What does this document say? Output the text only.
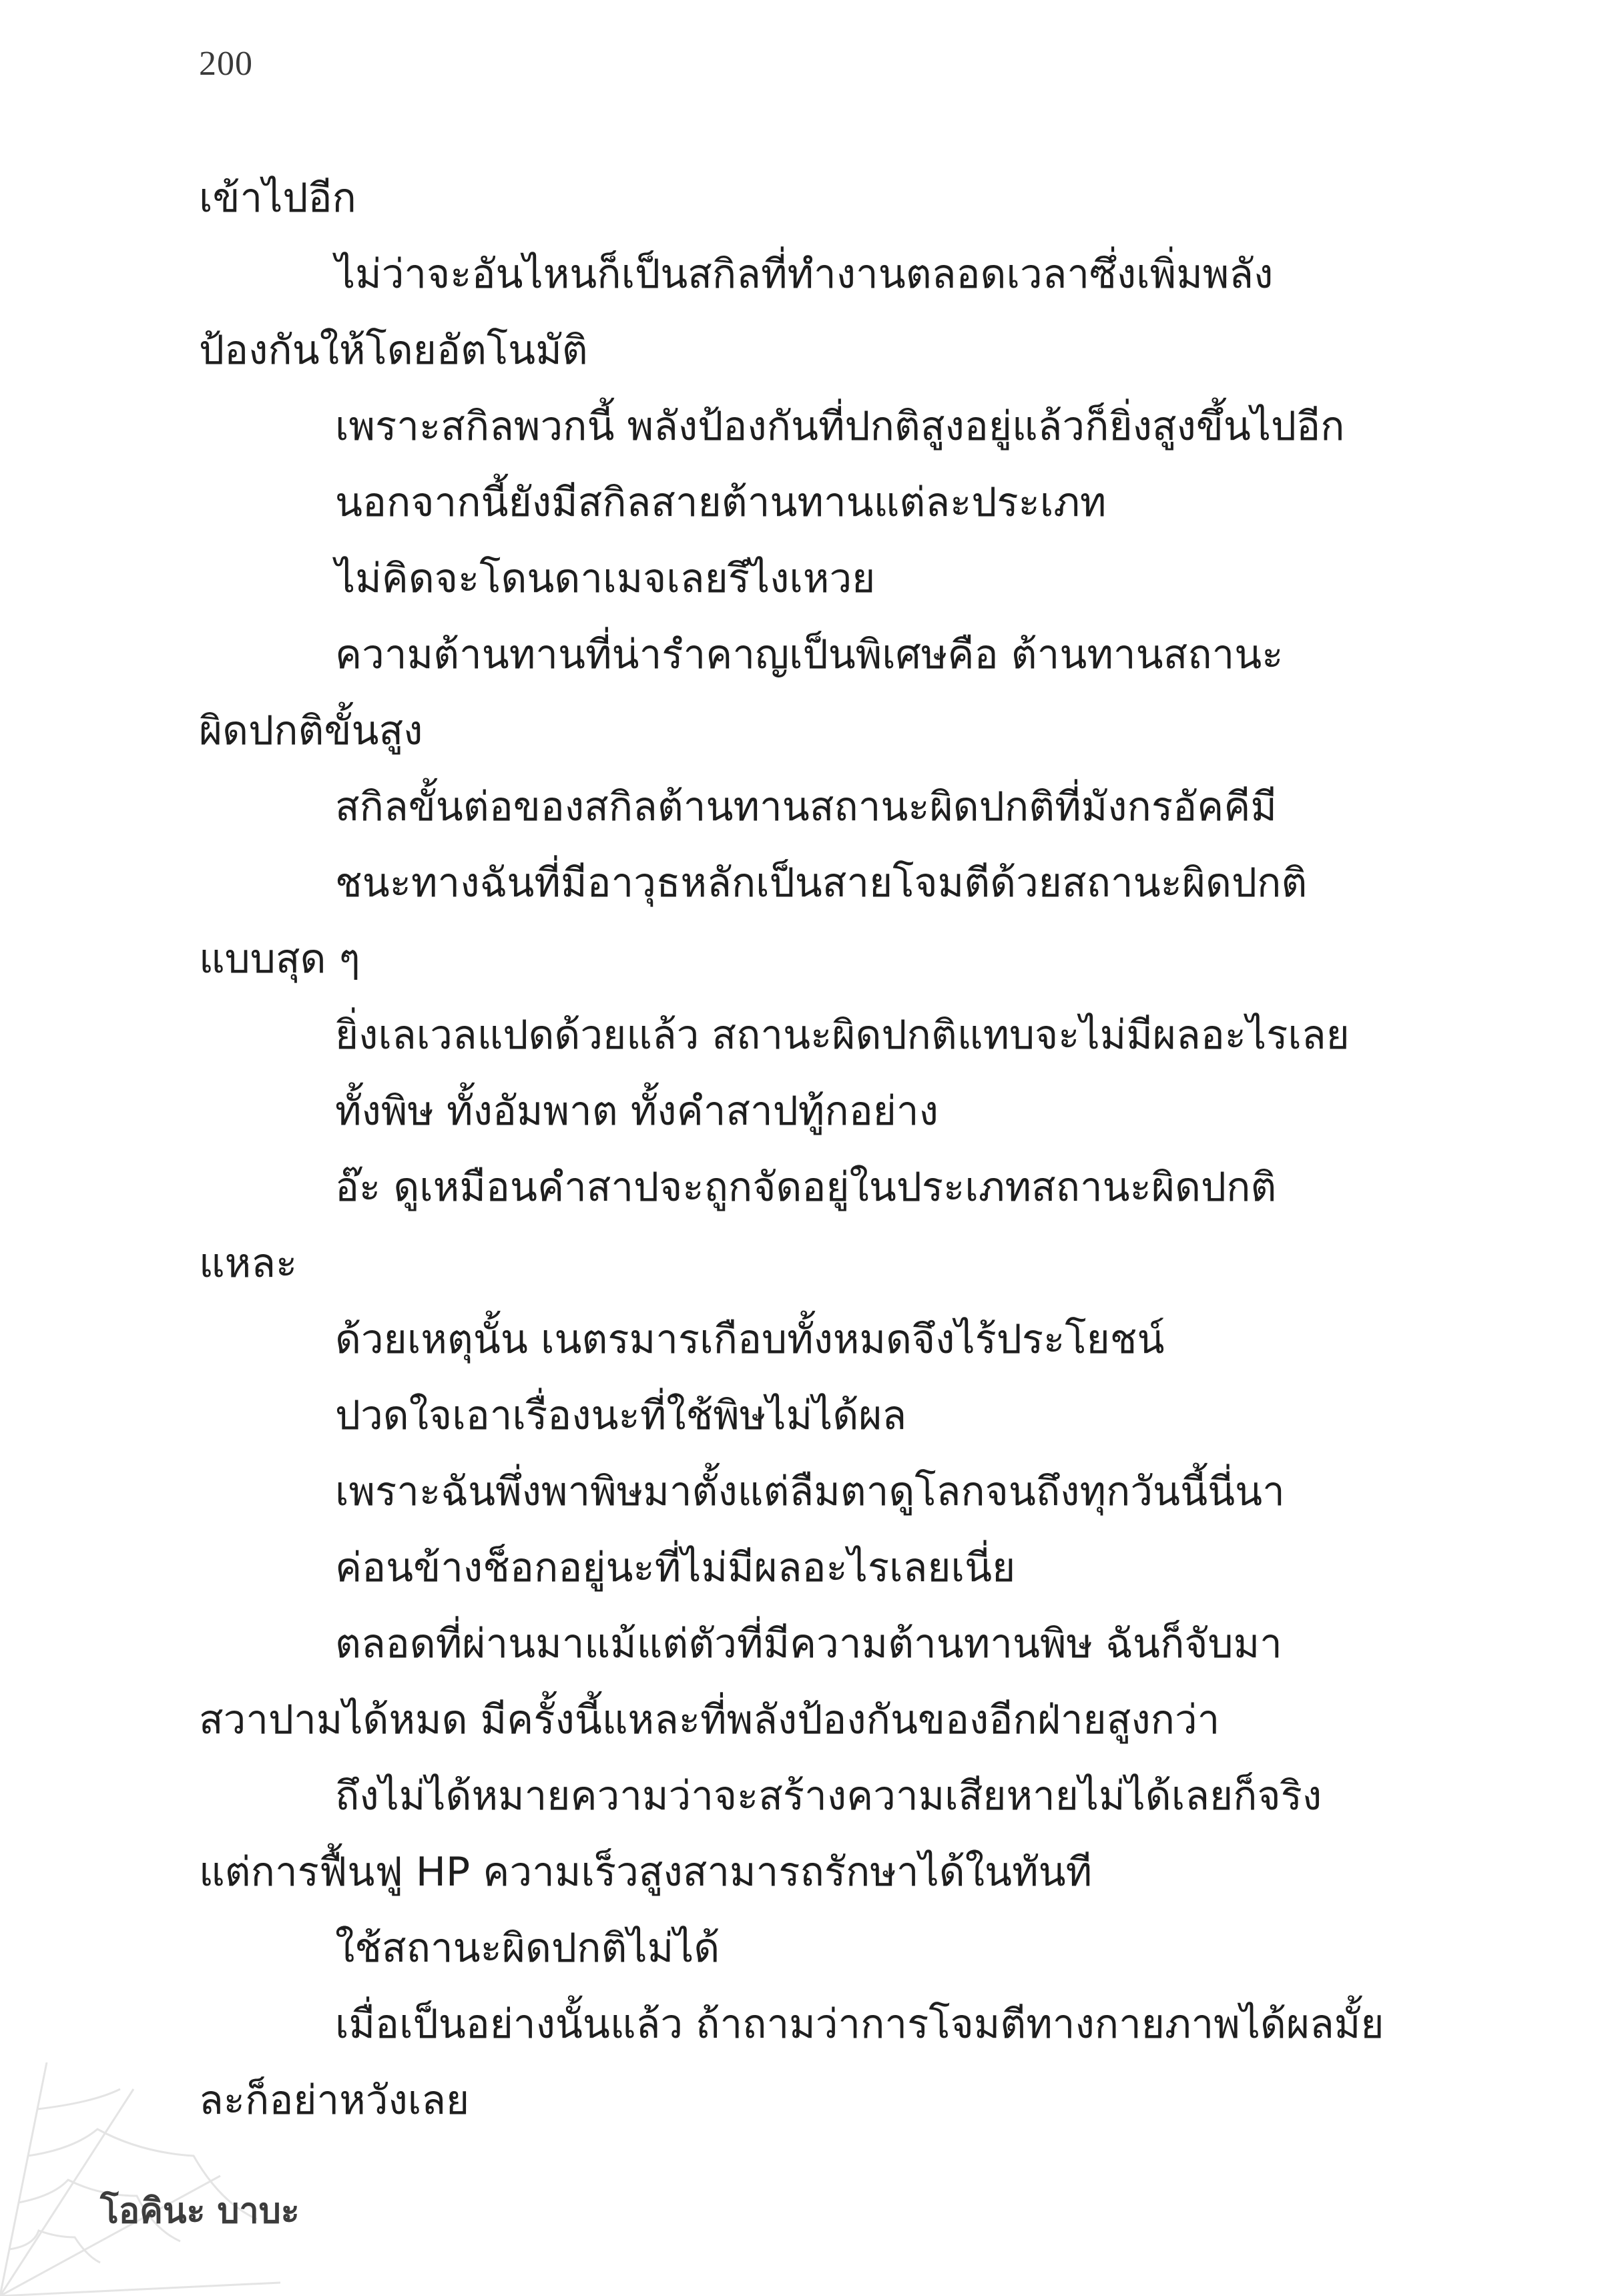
200
เข้าไปอีก
ไม่ว่าจะอันไหนก็เป็นสกิลที่ทำงานตลอดเวลาซึ่งเพิ่มพลัง
ป้องกันให้โดยอัตโนมัติ
เพราะสกิลพวกนี้ พลังป้องกันที่ปกติสูงอยู่แล้วก็ยิ่งสูงขึ้นไปอีก
นอกจากนี้ยังมีสกิลสายต้านทานแต่ละประเภท
ไม่คิดจะโดนดาเมจเลยรึไงเหวย
ความต้านทานที่น่ารำคาญเป็นพิเศษคือ ต้านทานสถานะ
ผิดปกติขั้นสูง
สกิลขั้นต่อของสกิลต้านทานสถานะผิดปกติที่มังกรอัคคีมี
ชนะทางฉันที่มีอาวุธหลักเป็นสายโจมตีด้วยสถานะผิดปกติ
แบบสุด ๆ
ยิ่งเลเวลแปดด้วยแล้ว สถานะผิดปกติแทบจะไม่มีผลอะไรเลย
ทั้งพิษ ทั้งอัมพาต ทั้งคำสาปทู้กอย่าง
อ๊ะ ดูเหมือนคำสาปจะถูกจัดอยู่ในประเภทสถานะผิดปกติ
แหละ
ด้วยเหตุนั้น เนตรมารเกือบทั้งหมดจึงไร้ประโยชน์
ปวดใจเอาเรื่องนะที่ใช้พิษไม่ได้ผล
เพราะฉันพึ่งพาพิษมาตั้งแต่ลืมตาดูโลกจนถึงทุกวันนี้นี่นา
ค่อนข้างช็อกอยู่นะที่ไม่มีผลอะไรเลยเนี่ย
ตลอดที่ผ่านมาแม้แต่ตัวที่มีความต้านทานพิษ ฉันก็จับมา
สวาปามได้หมด มีครั้งนี้แหละที่พลังป้องกันของอีกฝ่ายสูงกว่า
ถึงไม่ได้หมายความว่าจะสร้างความเสียหายไม่ได้เลยก็จริง
แต่การฟื้นฟู HP ความเร็วสูงสามารถรักษาได้ในทันที
ใช้สถานะผิดปกติไม่ได้
เมื่อเป็นอย่างนั้นแล้ว ถ้าถามว่าการโจมตีทางกายภาพได้ผลมั้ย
ละก็อย่าหวังเลย
โอคินะ บาบะ
